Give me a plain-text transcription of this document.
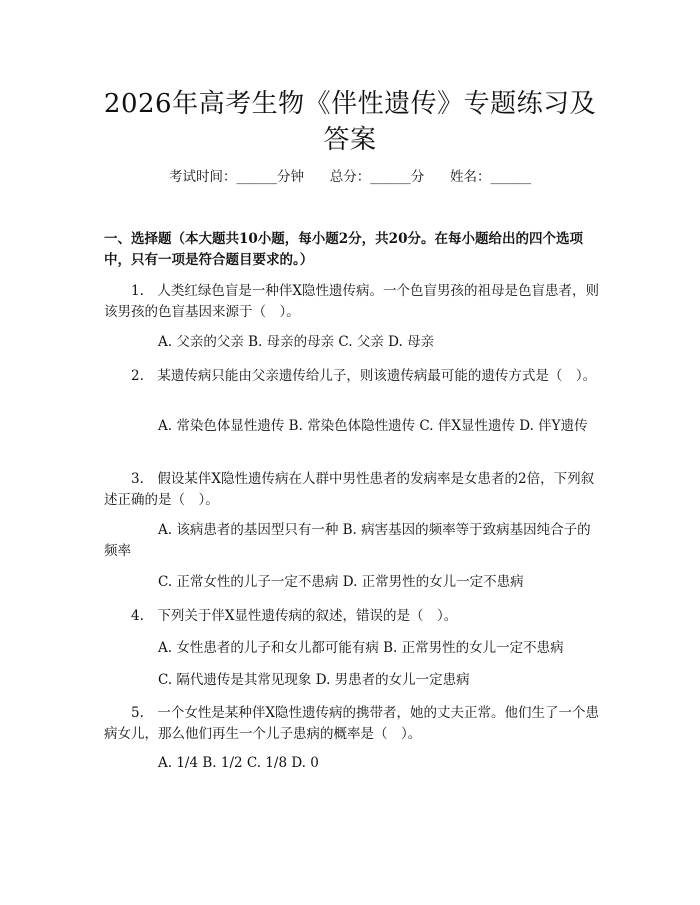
2026年高考生物《伴性遗传》专题练习及答案
考试时间：______分钟      总分：______分      姓名：______

一、选择题（本大题共10小题，每小题2分，共20分。在每小题给出的四个选项中，只有一项是符合题目要求的。）

1.　人类红绿色盲是一种伴X隐性遗传病。一个色盲男孩的祖母是色盲患者，则该男孩的色盲基因来源于（　）。

A. 父亲的父亲 B. 母亲的母亲 C. 父亲 D. 母亲

2.　某遗传病只能由父亲遗传给儿子，则该遗传病最可能的遗传方式是（　）。

A. 常染色体显性遗传 B. 常染色体隐性遗传 C. 伴X显性遗传 D. 伴Y遗传

3.　假设某伴X隐性遗传病在人群中男性患者的发病率是女患者的2倍，下列叙述正确的是（　）。

A. 该病患者的基因型只有一种 B. 病害基因的频率等于致病基因纯合子的频率

C. 正常女性的儿子一定不患病 D. 正常男性的女儿一定不患病

4.　下列关于伴X显性遗传病的叙述，错误的是（　）。

A. 女性患者的儿子和女儿都可能有病 B. 正常男性的女儿一定不患病

C. 隔代遗传是其常见现象 D. 男患者的女儿一定患病

5.　一个女性是某种伴X隐性遗传病的携带者，她的丈夫正常。他们生了一个患病女儿，那么他们再生一个儿子患病的概率是（　）。

A. 1/4 B. 1/2 C. 1/8 D. 0
